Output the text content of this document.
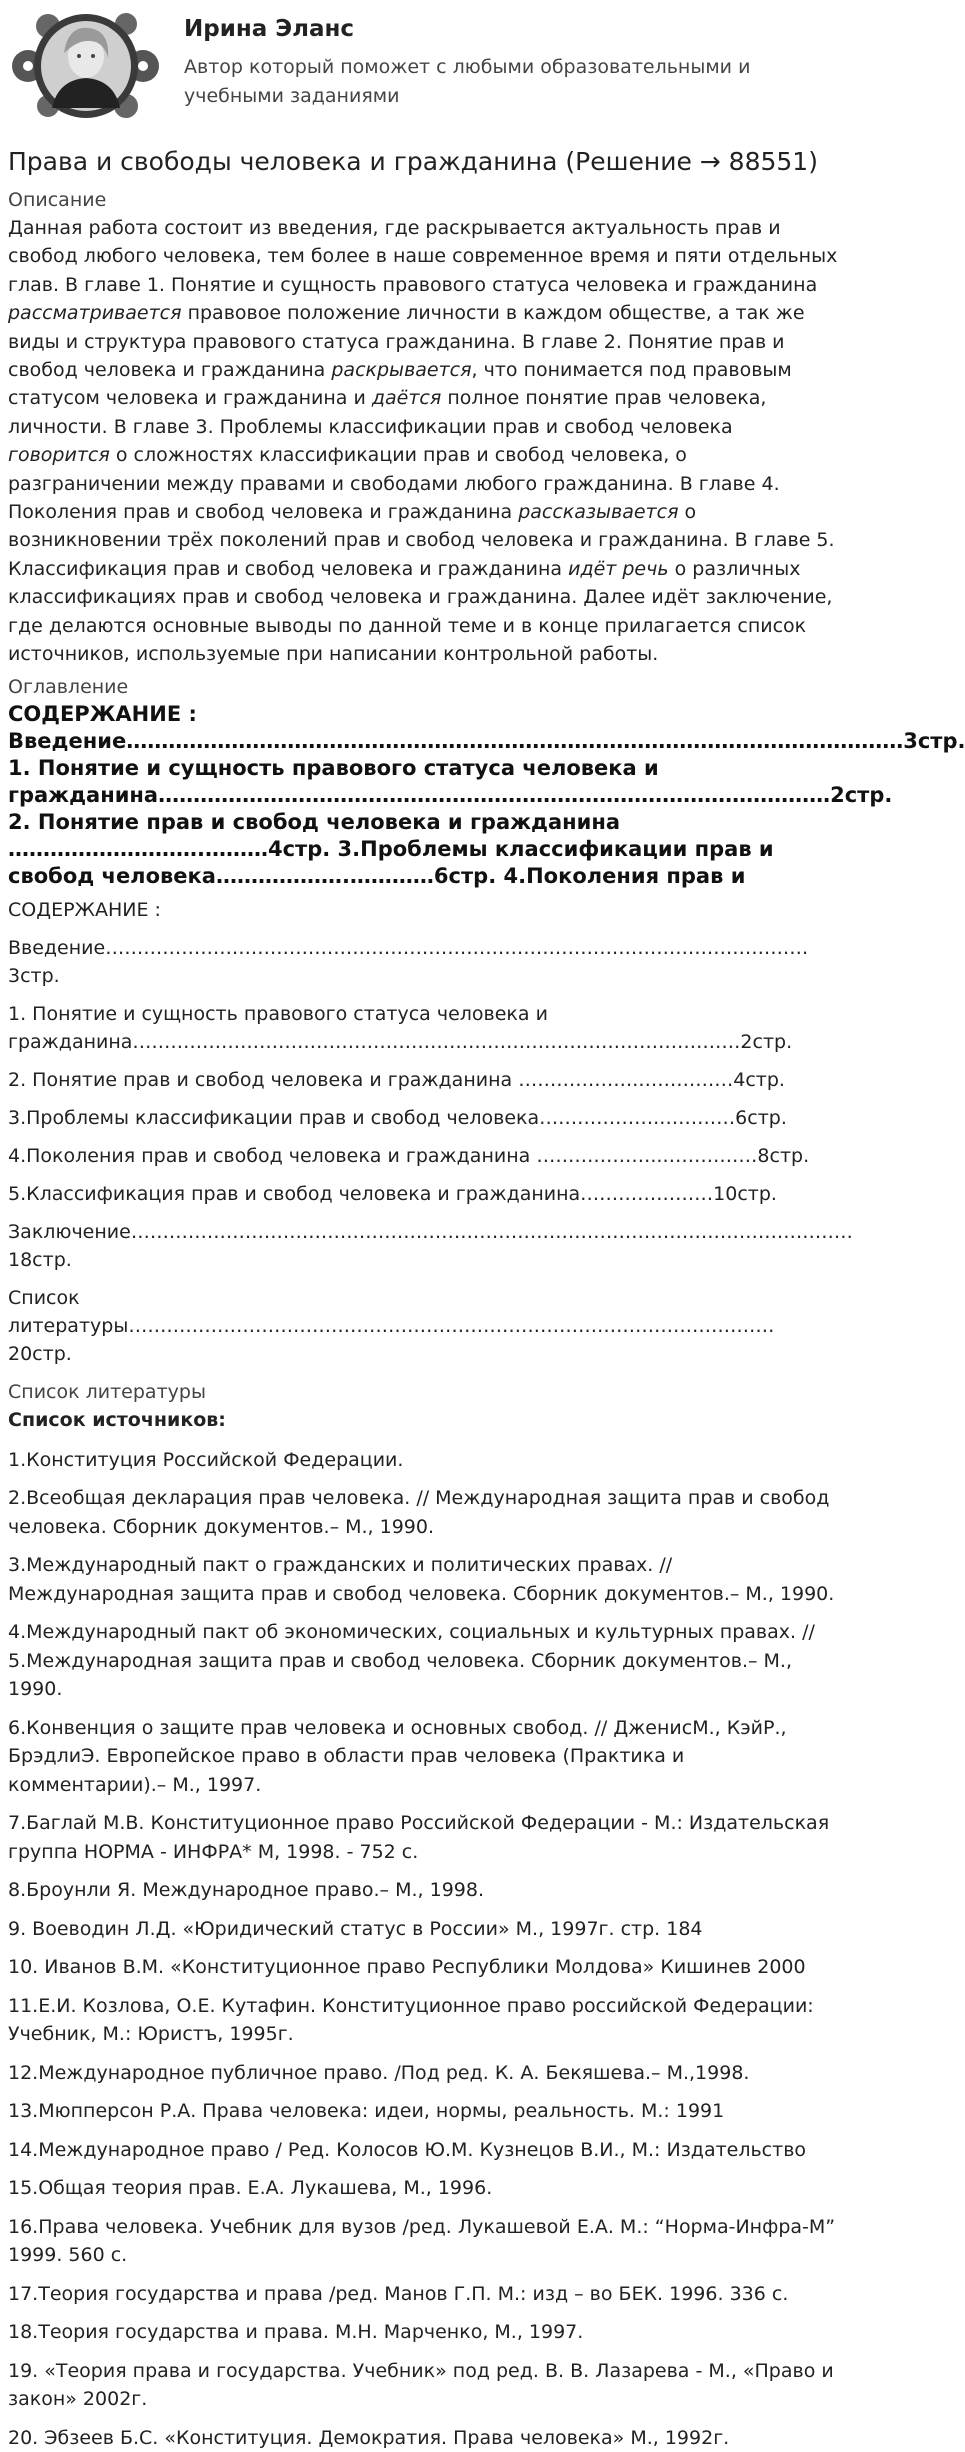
Ирина Эланс
Автор который поможет с любыми образовательными и учебными заданиями
Права и свободы человека и гражданина (Решение → 88551)
Описание
Данная работа состоит из введения, где раскрывается актуальность прав и свобод любого человека, тем более в наше современное время и пяти отдельных глав. В главе 1. Понятие и сущность правового статуса человека и гражданина рассматривается правовое положение личности в каждом обществе, а так же виды и структура правового статуса гражданина. В главе 2. Понятие прав и свобод человека и гражданина раскрывается, что понимается под правовым статусом человека и гражданина и даётся полное понятие прав человека, личности. В главе 3. Проблемы классификации прав и свобод человека говорится о сложностях классификации прав и свобод человека, о разграничении между правами и свободами любого гражданина. В главе 4. Поколения прав и свобод человека и гражданина рассказывается о возникновении трёх поколений прав и свобод человека и гражданина. В главе 5. Классификация прав и свобод человека и гражданина идёт речь о различных классификациях прав и свобод человека и гражданина. Далее идёт заключение, где делаются основные выводы по данной теме и в конце прилагается список источников, используемые при написании контрольной работы.
Оглавление
СОДЕРЖАНИЕ :
Введение…………………………………………………………………………………………………3стр.
1. Понятие и сущность правового статуса человека и
гражданина……………………………………………………………………………………2стр.
2. Понятие прав и свобод человека и гражданина
……………………….………4стр. 3.Проблемы классификации прав и
свобод человека……………….…………6стр. 4.Поколения прав и

СОДЕРЖАНИЕ :

Введение…………………………………………………………………………………………………3стр.

1. Понятие и сущность правового статуса человека и гражданина……………………………………………………………………………………2стр.

2. Понятие прав и свобод человека и гражданина ……………….……………4стр.

3.Проблемы классификации прав и свобод человека……………….…………6стр.

4.Поколения прав и свобод человека и гражданина ………………..……………8стр.

5.Классификация прав и свобод человека и гражданина…………………10стр.

Заключение…………………………………………………………………………………………………… 18стр.

Список литературы…………………………………………………………………………………………20стр.

Список литературы
Список источников:

1.Конституция Российской Федерации.

2.Всеобщая декларация прав человека. // Международная защита прав и свобод человека. Сборник документов.– М., 1990.

3.Международный пакт о гражданских и политических правах. // Международная защита прав и свобод человека. Сборник документов.– М., 1990.

4.Международный пакт об экономических, социальных и культурных правах. // 5.Международная защита прав и свобод человека. Сборник документов.– М., 1990.

6.Конвенция о защите прав человека и основных свобод. // ДженисМ., КэйР., БрэдлиЭ. Европейское право в области прав человека (Практика и комментарии).– М., 1997.

7.Баглай М.В. Конституционное право Российской Федерации - М.: Издательская группа НОРМА - ИНФРА* М, 1998. - 752 с.

8.Броунли Я. Международное право.– М., 1998.

9. Воеводин Л.Д. «Юридический статус в России» М., 1997г. стр. 184

10. Иванов В.М. «Конституционное право Республики Молдова» Кишинев 2000

11.Е.И. Козлова, О.Е. Кутафин. Конституционное право российской Федерации: Учебник, М.: Юристъ, 1995г.

12.Международное публичное право. /Под ред. К. А. Бекяшева.– М.,1998.

13.Мюпперсон Р.А. Права человека: идеи, нормы, реальность. М.: 1991

14.Международное право / Ред. Колосов Ю.М. Кузнецов В.И., М.: Издательство

15.Общая теория прав. Е.А. Лукашева, М., 1996.

16.Права человека. Учебник для вузов /ред. Лукашевой Е.А. М.: “Норма-Инфра-М” 1999. 560 с.

17.Теория государства и права /ред. Манов Г.П. М.: изд – во БЕК. 1996. 336 с.

18.Теория государства и права. М.Н. Марченко, М., 1997.

19. «Теория права и государства. Учебник» под ред. В. В. Лазарева - М., «Право и закон» 2002г.

20. Эбзеев Б.С. «Конституция. Демократия. Права человека» М., 1992г.
